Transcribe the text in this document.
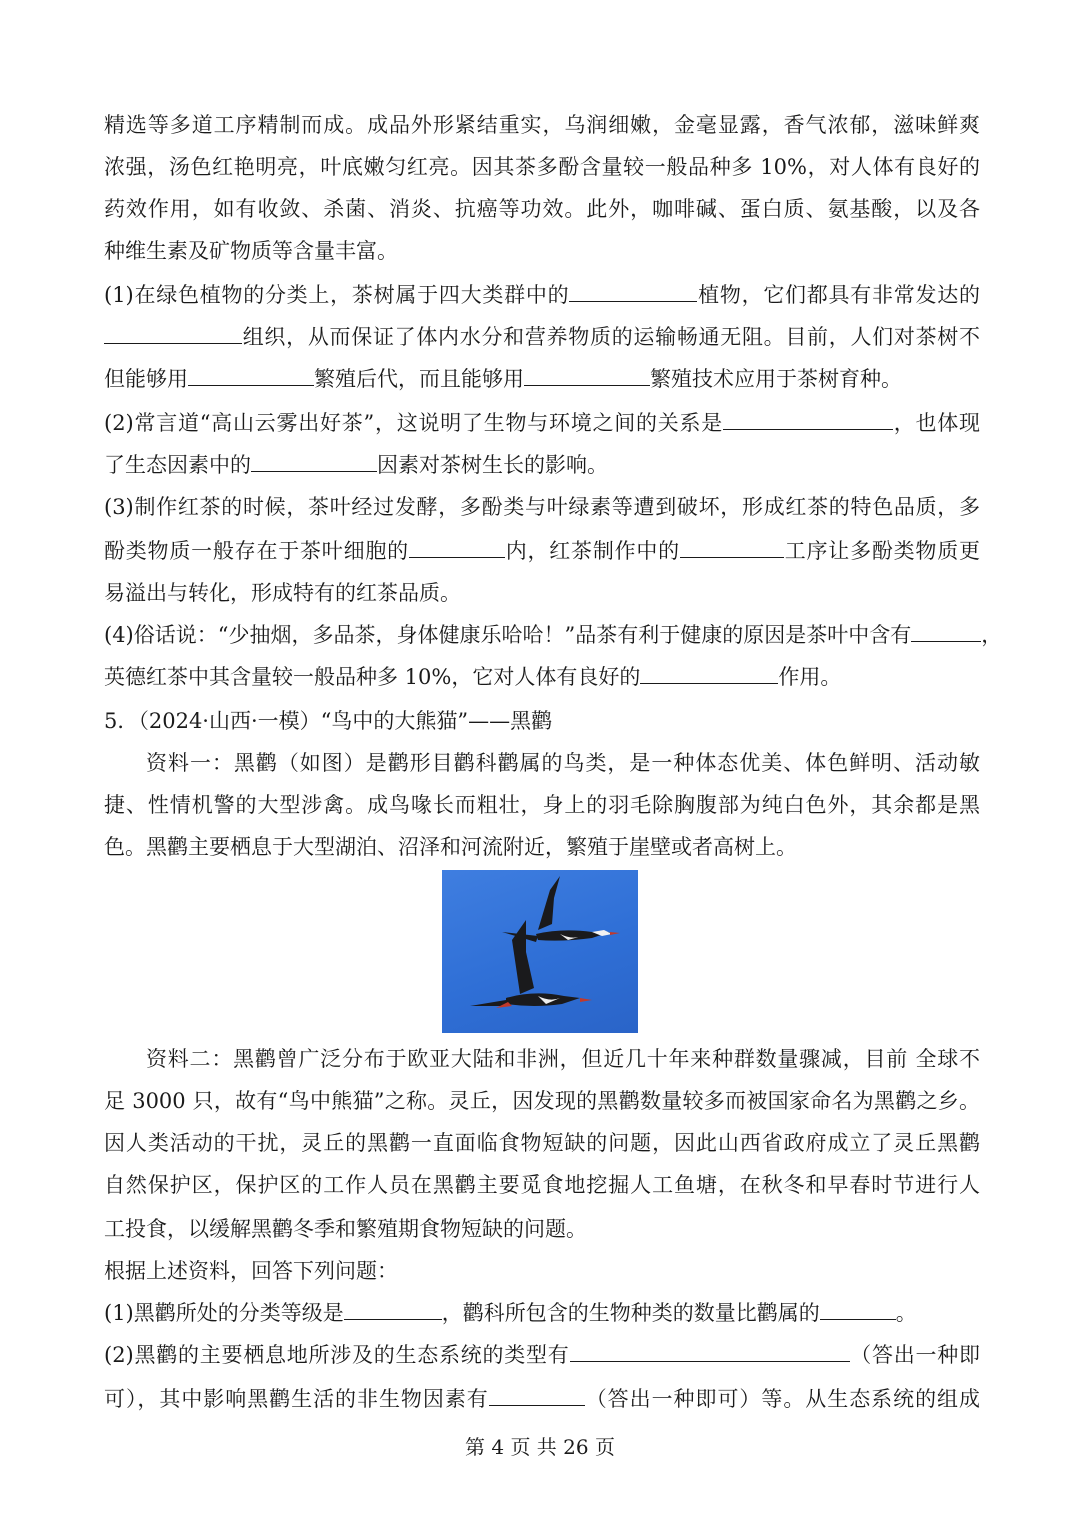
精选等多道工序精制而成。成品外形紧结重实，乌润细嫩，金毫显露，香气浓郁，滋味鲜爽
浓强，汤色红艳明亮，叶底嫩匀红亮。因其茶多酚含量较一般品种多 10%，对人体有良好的
药效作用，如有收敛、杀菌、消炎、抗癌等功效。此外，咖啡碱、蛋白质、氨基酸，以及各
种维生素及矿物质等含量丰富。
(1)在绿色植物的分类上，茶树属于四大类群中的	植物，它们都具有非常发达的
组织，从而保证了体内水分和营养物质的运输畅通无阻。目前，人们对茶树不
但能够用	繁殖后代，而且能够用	繁殖技术应用于茶树育种。
(2)常言道“高山云雾出好茶”，这说明了生物与环境之间的关系是	，也体现
了生态因素中的	因素对茶树生长的影响。
(3)制作红茶的时候，茶叶经过发酵，多酚类与叶绿素等遭到破坏，形成红茶的特色品质，多
酚类物质一般存在于茶叶细胞的	内，红茶制作中的	工序让多酚类物质更
易溢出与转化，形成特有的红茶品质。
(4)俗话说：“少抽烟，多品茶，身体健康乐哈哈！”品茶有利于健康的原因是茶叶中含有	，
英德红茶中其含量较一般品种多 10%，它对人体有良好的	作用。
5．（2024·山西·一模）“鸟中的大熊猫”——黑鹳
资料一：黑鹳（如图）是鹳形目鹳科鹳属的鸟类，是一种体态优美、体色鲜明、活动敏
捷、性情机警的大型涉禽。成鸟喙长而粗壮，身上的羽毛除胸腹部为纯白色外，其余都是黑
色。黑鹳主要栖息于大型湖泊、沼泽和河流附近，繁殖于崖壁或者高树上。
资料二：黑鹳曾广泛分布于欧亚大陆和非洲，但近几十年来种群数量骤减，目前 全球不
足 3000 只，故有“鸟中熊猫”之称。灵丘，因发现的黑鹳数量较多而被国家命名为黑鹳之乡。
因人类活动的干扰，灵丘的黑鹳一直面临食物短缺的问题，因此山西省政府成立了灵丘黑鹳
自然保护区，保护区的工作人员在黑鹳主要觅食地挖掘人工鱼塘，在秋冬和早春时节进行人
工投食，以缓解黑鹳冬季和繁殖期食物短缺的问题。
根据上述资料，回答下列问题：
(1)黑鹳所处的分类等级是	，鹳科所包含的生物种类的数量比鹳属的	。
(2)黑鹳的主要栖息地所涉及的生态系统的类型有	（答出一种即
可），其中影响黑鹳生活的非生物因素有	（答出一种即可）等。从生态系统的组成
第 4 页 共 26 页
